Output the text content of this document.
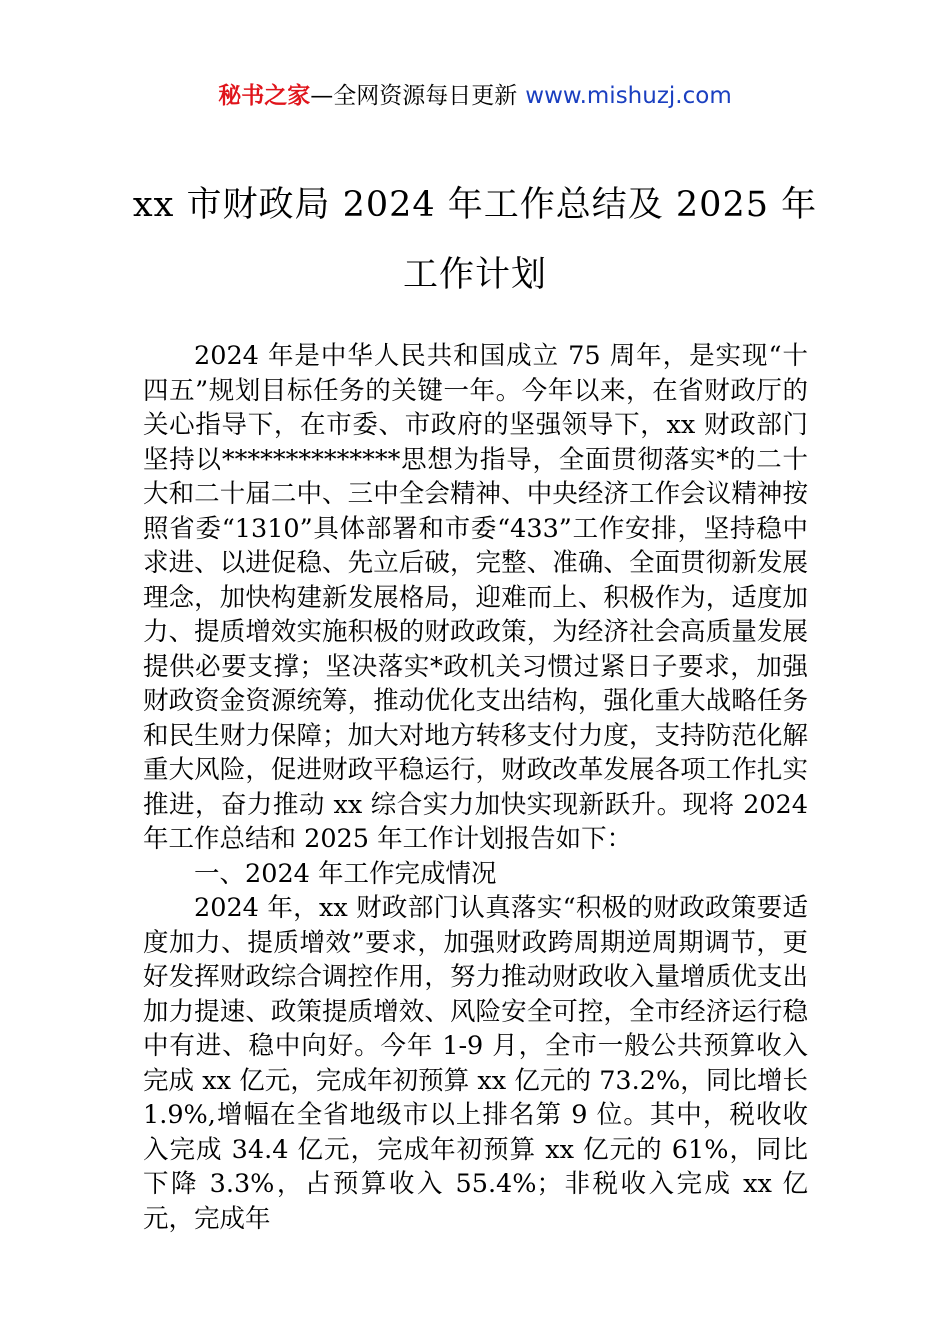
秘书之家—全网资源每日更新 www.mishuzj.com
xx 市财政局 2024 年工作总结及 2025 年工作计划

2024 年是中华人民共和国成立 75 周年，是实现“十四五”规划目标任务的关键一年。今年以来，在省财政厅的关心指导下，在市委、市政府的坚强领导下，xx 财政部门坚持以**************思想为指导，全面贯彻落实*的二十大和二十届二中、三中全会精神、中央经济工作会议精神按照省委“1310”具体部署和市委“433”工作安排，坚持稳中求进、以进促稳、先立后破，完整、准确、全面贯彻新发展理念，加快构建新发展格局，迎难而上、积极作为，适度加力、提质增效实施积极的财政政策，为经济社会高质量发展提供必要支撑；坚决落实*政机关习惯过紧日子要求，加强财政资金资源统筹，推动优化支出结构，强化重大战略任务和民生财力保障；加大对地方转移支付力度，支持防范化解重大风险，促进财政平稳运行，财政改革发展各项工作扎实推进，奋力推动 xx 综合实力加快实现新跃升。现将 2024 年工作总结和 2025 年工作计划报告如下：

一、2024 年工作完成情况

2024 年，xx 财政部门认真落实“积极的财政政策要适度加力、提质增效”要求，加强财政跨周期逆周期调节，更好发挥财政综合调控作用，努力推动财政收入量增质优支出加力提速、政策提质增效、风险安全可控，全市经济运行稳中有进、稳中向好。今年 1-9 月，全市一般公共预算收入完成 xx 亿元，完成年初预算 xx 亿元的 73.2%，同比增长 1.9%,增幅在全省地级市以上排名第 9 位。其中，税收收入完成 34.4 亿元，完成年初预算 xx 亿元的 61%，同比下降 3.3%，占预算收入 55.4%；非税收入完成 xx 亿元，完成年
